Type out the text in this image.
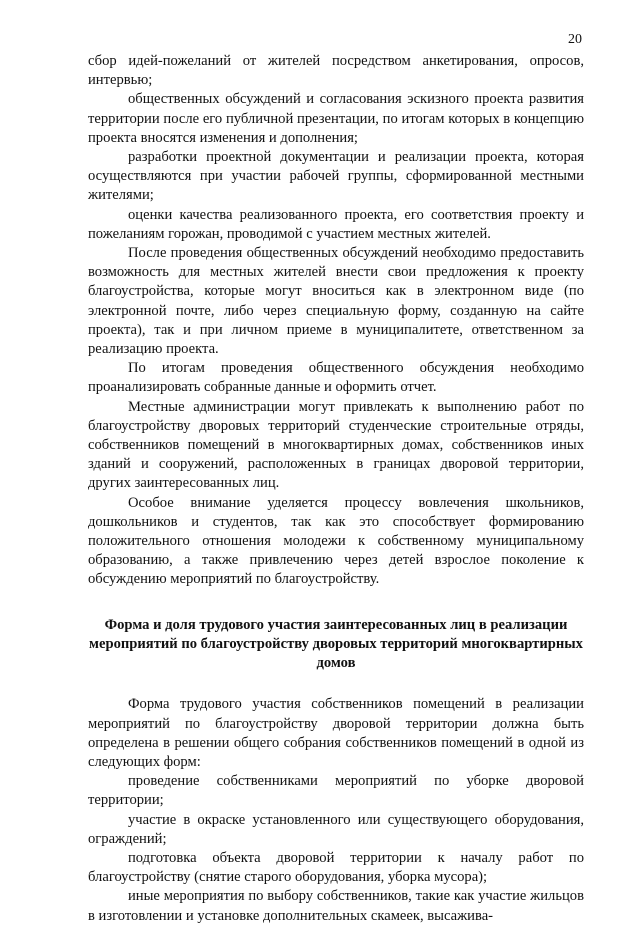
20

сбор идей-пожеланий от жителей посредством анкетирования, опросов, интервью;

общественных обсуждений и согласования эскизного проекта развития территории после его публичной презентации, по итогам которых в концепцию проекта вносятся изменения и дополнения;

разработки проектной документации и реализации проекта, которая осуществляются при участии рабочей группы, сформированной местными жителями;

оценки качества реализованного проекта, его соответствия проекту и пожеланиям горожан, проводимой с участием местных жителей.

После проведения общественных обсуждений необходимо предоставить возможность для местных жителей внести свои предложения к проекту благоустройства, которые могут вноситься как в электронном виде (по электронной почте, либо через специальную форму, созданную на сайте проекта), так и при личном приеме в муниципалитете, ответственном за реализацию проекта.

По итогам проведения общественного обсуждения необходимо проанализировать собранные данные и оформить отчет.

Местные администрации могут привлекать к выполнению работ по благоустройству дворовых территорий студенческие строительные отряды, собственников помещений в многоквартирных домах, собственников иных зданий и сооружений, расположенных в границах дворовой территории, других заинтересованных лиц.

Особое внимание уделяется процессу вовлечения школьников, дошкольников и студентов, так как это способствует формированию положительного отношения молодежи к собственному муниципальному образованию, а также привлечению через детей взрослое поколение к обсуждению мероприятий по благоустройству.

Форма и доля трудового участия заинтересованных лиц в реализации мероприятий по благоустройству дворовых территорий многоквартирных домов

Форма трудового участия собственников помещений в реализации мероприятий по благоустройству дворовой территории должна быть определена в решении общего собрания собственников помещений в одной из следующих форм:

проведение собственниками мероприятий по уборке дворовой территории;

участие в окраске установленного или существующего оборудования, ограждений;

подготовка объекта дворовой территории к началу работ по благоустройству (снятие старого оборудования, уборка мусора);

иные мероприятия по выбору собственников, такие как участие жильцов в изготовлении и установке дополнительных скамеек, высажива-
